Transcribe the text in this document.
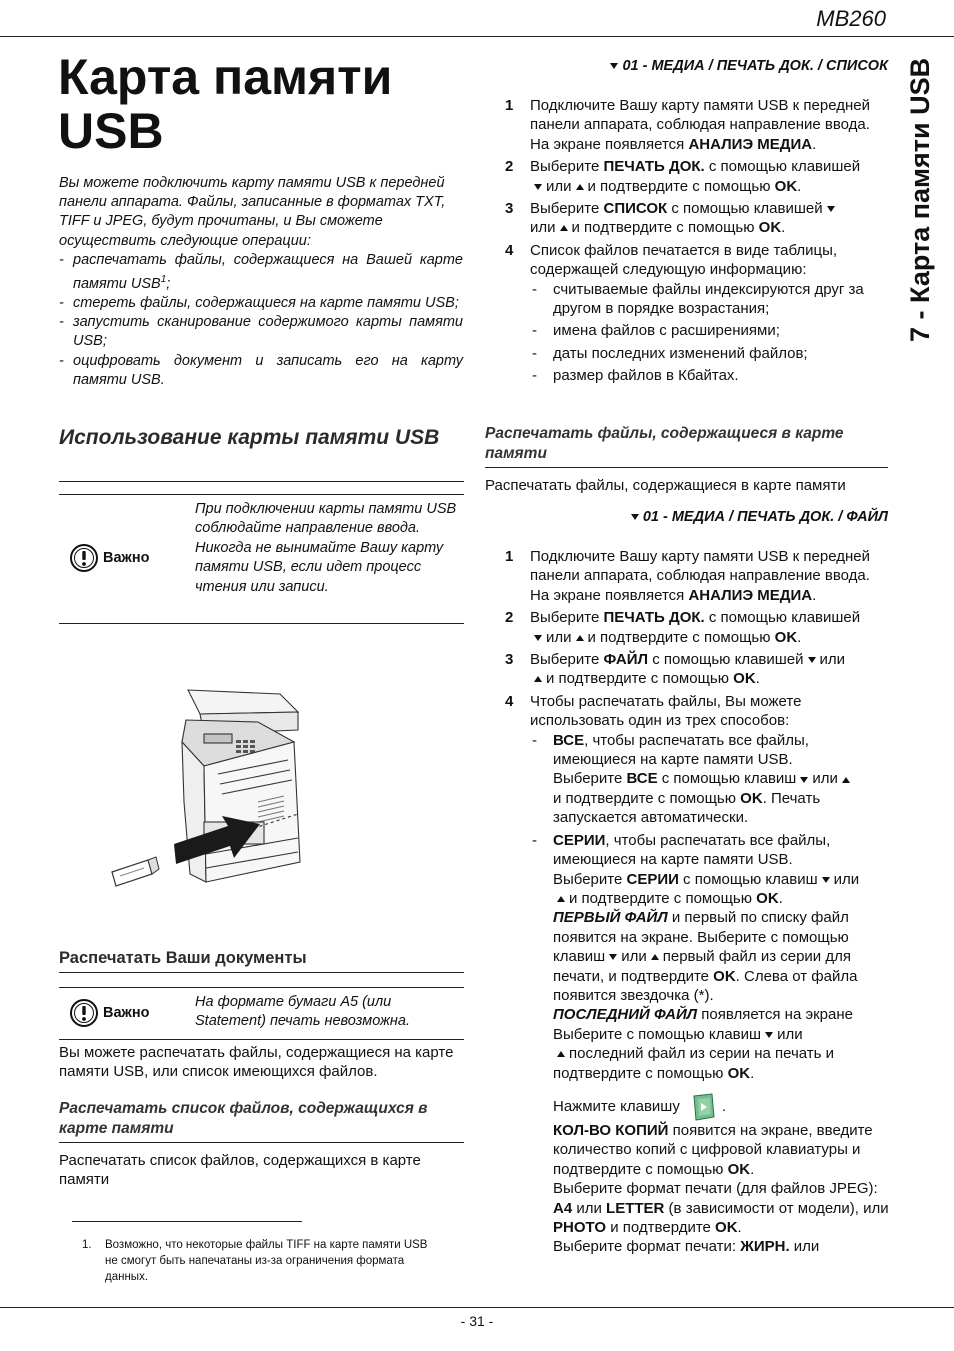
MB260
7 - Карта памяти USB
Карта памяти USB

Вы можете подключить карту памяти USB к передней панели аппарата. Файлы, записанные в форматах TXT, TIFF и JPEG, будут прочитаны, и Вы сможете осуществить следующие операции:

- распечатать файлы, содержащиеся на Вашей карте памяти USB$^1$;
- стереть файлы, содержащиеся на карте памяти USB;
- запустить сканирование содержимого карты памяти USB;
- оцифровать документ и записать его на карту памяти USB.
Использование карты памяти USB
Важно

При подключении карты памяти USB соблюдайте направление ввода.

Никогда не вынимайте Вашу карту памяти USB, если идет процесс чтения или записи.

Распечатать Ваши документы
Важно
На формате бумаги A5 (или Statement) печать невозможна.

Вы можете распечатать файлы, содержащиеся на карте памяти USB, или список имеющихся файлов.

Распечатать список файлов, содержащихся в карте памяти

Распечатать список файлов, содержащихся в карте памяти

1. Возможно, что некоторые файлы TIFF на карте памяти USB не смогут быть напечатаны из-за ограничения формата данных.
01 - МЕДИА / ПЕЧАТЬ ДОК. / СПИСОК
1 Подключите Вашу карту памяти USB к передней панели аппарата, соблюдая направление ввода. На экране появляется АНАЛИЭ МЕДИА.
2 Выберите ПЕЧАТЬ ДОК. с помощью клавишей
или и подтвердите с помощью OK.
3 Выберите СПИСОК с помощью клавишей
или и подтвердите с помощью OK.
4 Список файлов печатается в виде таблицы, содержащей следующую информацию:
- считываемые файлы индексируются друг за другом в порядке возрастания;
- имена файлов с расширениями;
- даты последних изменений файлов;
- размер файлов в Кбайтах.
Распечатать файлы, содержащиеся в карте памяти

Распечатать файлы, содержащиеся в карте памяти

01 - МЕДИА / ПЕЧАТЬ ДОК. / ФАЙЛ
1 Подключите Вашу карту памяти USB к передней панели аппарата, соблюдая направление ввода. На экране появляется АНАЛИЭ МЕДИА.
2 Выберите ПЕЧАТЬ ДОК. с помощью клавишей
или и подтвердите с помощью OK.
3 Выберите ФАЙЛ с помощью клавишей или
и подтвердите с помощью OK.
4 Чтобы распечатать файлы, Вы можете использовать один из трех способов:
- ВСЕ, чтобы распечатать все файлы, имеющиеся на карте памяти USB.
Выберите ВСЕ с помощью клавиш или
и подтвердите с помощью OK. Печать запускается автоматически.
- СЕРИИ, чтобы распечатать все файлы, имеющиеся на карте памяти USB.
Выберите СЕРИИ с помощью клавиш или
и подтвердите с помощью OK.
ПЕРВЫЙ ФАЙЛ и первый по списку файл появится на экране. Выберите с помощью клавиш или первый файл из серии для печати, и подтвердите OK. Слева от файла появится звездочка (*).
ПОСЛЕДНИЙ ФАЙЛ появляется на экране Выберите с помощью клавиш или
последний файл из серии на печать и подтвердите с помощью OK.

Нажмите клавишу	.

КОЛ-ВО КОПИЙ появится на экране, введите количество копий с цифровой клавиатуры и подтвердите с помощью OK.
Выберите формат печати (для файлов JPEG): A4 или LETTER (в зависимости от модели), или PHOTO и подтвердите OK.
Выберите формат печати: ЖИРН. или

- 31 -
